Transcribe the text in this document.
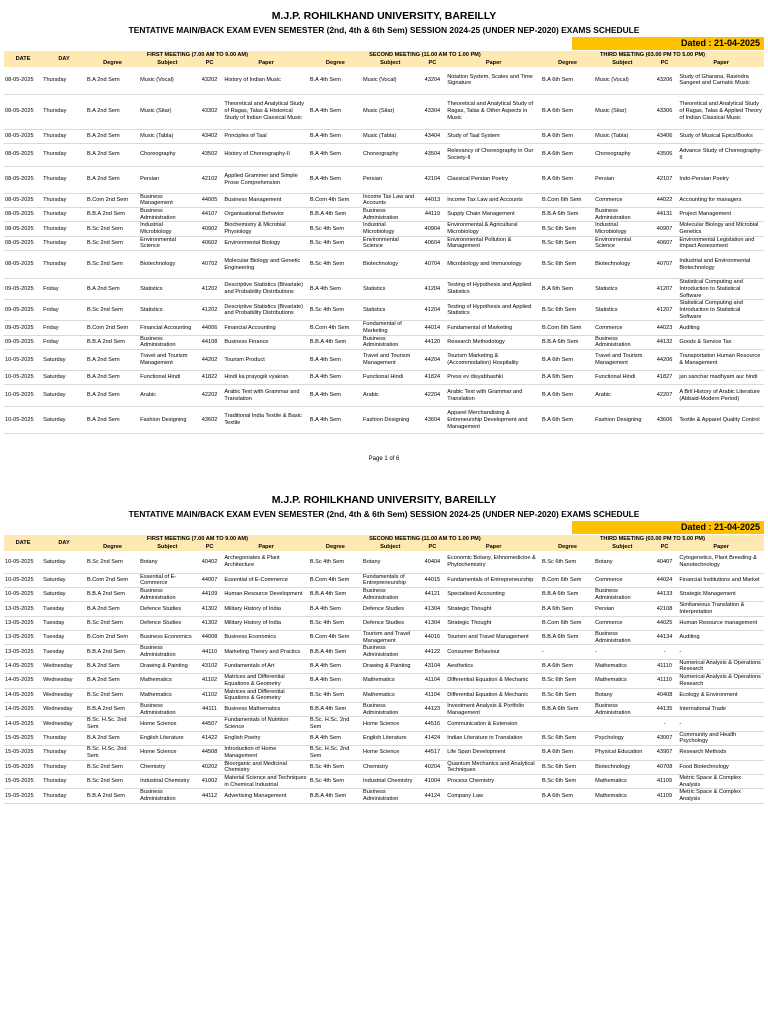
M.J.P. ROHILKHAND UNIVERSITY, BAREILLY
TENTATIVE MAIN/BACK EXAM EVEN SEMESTER (2nd, 4th & 6th Sem) SESSION 2024-25 (UNDER NEP-2020) EXAMS SCHEDULE
Dated : 21-04-2025
DATE	DAY	FIRST MEETING (7.00 AM TO 9.00 AM)				SECOND MEETING (11.00 AM TO 1.00 PM)				THIRD MEETING (03.00 PM TO 5.00 PM)			
		Degree	Subject	PC	Paper	Degree	Subject	PC	Paper	Degree	Subject	PC	Paper
08-05-2025	Thursday	B.A 2nd Sem	Music (Vocal)	43202	History of Indian Music	B.A 4th Sem	Music (Vocal)	43204	Notation System, Scales and Time Signature	B.A 6th Sem	Music (Vocal)	43206	Study of Gharana, Ravindra Sangeet and Carnatic Music
08-05-2025	Thursday	B.A 2nd Sem	Music (Sitar)	43302	Theoretical and Analytical Study of Ragas, Talas & Historical Study of Indian Classical Music	B.A 4th Sem	Music (Sitar)	43304	Theoretical and Analytical Study of Ragas, Talas & Other Aspects in Music	B.A 6th Sem	Music (Sitar)	43306	Theoretical and Analytical Study of Ragas, Talas & Applied Theory of Indian Classical Music
08-05-2025	Thursday	B.A 2nd Sem	Music (Tabla)	43402	Principles of Taal	B.A 4th Sem	Music (Tabla)	43404	Study of Taal System	B.A 6th Sem	Music (Tabla)	43406	Study of Musical Epics/Books
08-05-2025	Thursday	B.A 2nd Sem	Choreography	43502	History of Choreography-II	B.A 4th Sem	Choreography	43504	Relevancy of Choreography in Our Society-II	B.A 6th Sem	Choreography	43506	Advance Study of Choreography-II
08-05-2025	Thursday	B.A 2nd Sem	Persian	42102	Applied Grammer and Simple Prose Comprehension	B.A 4th Sem	Persian	42104	Classical Persian Poetry	B.A 6th Sem	Persian	42107	Indo-Persian Poetry
08-05-2025	Thursday	B.Com 2nd Sem	Business Management	44005	Business Management	B.Com 4th Sem	Income Tax Law and Accounts	44013	Income Tax Law and Accounts	B.Com 6th Sem	Commerce	44022	Accounting for managers
08-05-2025	Thursday	B.B.A 2nd Sem	Business Administration	44107	Organisational Behavior	B.B.A 4th Sem	Business Administration	44119	Supply Chain Management	B.B.A 6th Sem	Business Administration	44131	Project Management
08-05-2025	Thursday	B.Sc 2nd Sem	Industrial Microbiology	40902	Biochemistry & Microbial Physiology	B.Sc 4th Sem	Industrial Microbiology	40904	Environmental & Agricultural Microbiology	B.Sc 6th Sem	Industrial Microbiology	40907	Molecular Biology and Microbial Genetics
08-05-2025	Thursday	B.Sc 2nd Sem	Environmental Science	40602	Environmental Biology	B.Sc 4th Sem	Environmental Science	40604	Environmental Pollution & Management	B.Sc 6th Sem	Environmental Science	40607	Environmental Legislation and Impact Assessment
08-05-2025	Thursday	B.Sc 2nd Sem	Biotechnology	40702	Molecular Biology and Genetic Engineering	B.Sc 4th Sem	Biotechnology	40704	Microbiology and Immunology	B.Sc 6th Sem	Biotechnology	40707	Industrial and Environmental Biotechnology
09-05-2025	Friday	B.A 2nd Sem	Statistics	41202	Descriptive Statistics (Bivariate) and Probability Distributions	B.A 4th Sem	Statistics	41204	Testing of Hypothesis and Applied Statistics	B.A 6th Sem	Statistics	41207	Statistical Computing and Introduction to Statistical Software
09-05-2025	Friday	B.Sc 2nd Sem	Statistics	41202	Descriptive Statistics (Bivariate) and Probability Distributions	B.Sc 4th Sem	Statistics	41204	Testing of Hypothesis and Applied Statistics	B.Sc 6th Sem	Statistics	41207	Statistical Computing and Introduction to Statistical Software
09-05-2025	Friday	B.Com 2nd Sem	Financial Accounting	44006	Financial Accounting	B.Com 4th Sem	Fundamental of Marketing	44014	Fundamental of Marketing	B.Com 6th Sem	Commerce	44023	Auditing
09-05-2025	Friday	B.B.A 2nd Sem	Business Administration	44108	Business Finance	B.B.A 4th Sem	Business Administration	44120	Research Methodology	B.B.A 6th Sem	Business Administration	44132	Goods & Service Tax
10-05-2025	Saturday	B.A 2nd Sem	Travel and Tourism Management	44202	Tourism Product	B.A 4th Sem	Travel and Tourism Management	44204	Tourism Marketing & (Accommodation) Hospitality	B.A 6th Sem	Travel and Tourism Management	44206	Transportation Human Resource & Management
10-05-2025	Saturday	B.A 2nd Sem	Functional Hindi	41822	Hindi ka prayogik vyakran	B.A 4th Sem	Functional Hindi	41824	Press ev disyabhashki	B.A 6th Sem	Functional Hindi	41827	jan sanchar madhyam aur hindi
10-05-2025	Saturday	B.A 2nd Sem	Arabic	42202	Arabic Text with Grammar and Translation	B.A 4th Sem	Arabic	42204	Arabic Text with Grammar and Translation	B.A 6th Sem	Arabic	42207	A Bril History of Arabic Literature (Abbaid-Modern Period)
10-05-2025	Saturday	B.A 2nd Sem	Fashion Designing	43602	Traditional India Textile & Basic Textile	B.A 4th Sem	Fashion Designing	43604	Apparel Merchandising & Entreneurship Development and Management	B.A 6th Sem	Fashion Designing	43606	Textile & Apparel Quality Control
Page 1 of 6
M.J.P. ROHILKHAND UNIVERSITY, BAREILLY
TENTATIVE MAIN/BACK EXAM EVEN SEMESTER (2nd, 4th & 6th Sem) SESSION 2024-25 (UNDER NEP-2020) EXAMS SCHEDULE
Dated : 21-04-2025
DATE	DAY	FIRST MEETING (7.00 AM TO 9.00 AM)				SECOND MEETING (11.00 AM TO 1.00 PM)				THIRD MEETING (03.00 PM TO 5.00 PM)			
		Degree	Subject	PC	Paper	Degree	Subject	PC	Paper	Degree	Subject	PC	Paper
10-05-2025	Saturday	B.Sc 2nd Sem	Botany	40402	Archegoniates & Plant Architecture	B.Sc 4th Sem	Botany	40404	Economic Botany, Ethnomedicine & Phytochemistry	B.Sc 6th Sem	Botany	40407	Cytogenetics, Plant Breeding & Nanotechnology
10-05-2025	Saturday	B.Com 2nd Sem	Essential of E-Commerce	44007	Essential of E-Commerce	B.Com 4th Sem	Fundamentals of Entrepreneurship	44015	Fundamentals of Entrepreneurship	B.Com 6th Sem	Commerce	44024	Financial Institutions and Market
10-05-2025	Saturday	B.B.A 2nd Sem	Business Administration	44109	Human Resource Development	B.B.A 4th Sem	Business Administration	44121	Specialised Accounting	B.B.A 6th Sem	Business Administration	44133	Strategic Management
13-05-2025	Tuesday	B.A 2nd Sem	Defence Studies	41302	Military History of India	B.A 4th Sem	Defence Studies	41304	Strategic Thought	B.A 6th Sem	Persian	42108	Simltaneous Translation & Interpretation
13-05-2025	Tuesday	B.Sc 2nd Sem	Defence Studies	41302	Military History of India	B.Sc 4th Sem	Defence Studies	41304	Strategic Thought	B.Com 6th Sem	Commerce	44025	Human Resource management
13-05-2025	Tuesday	B.Com 2nd Sem	Business Economics	44008	Business Economics	B.Com 4th Sem	Tourism and Travel Management	44016	Tourism and Travel Management	B.B.A 6th Sem	Business Administration	44134	Auditing
13-05-2025	Tuesday	B.B.A 2nd Sem	Business Administration	44110	Marketing Theory and Practics	B.B.A 4th Sem	Business Administration	44122	Consumer Behaviour	-	-	-	-
14-05-2025	Wednesday	B.A 2nd Sem	Drawing & Painting	43102	Fundamentals of Art	B.A 4th Sem	Drawing & Painting	43104	Aesthetics	B.A 6th Sem	Mathematics	41110	Numerical Analysis & Operations Research
14-05-2025	Wednesday	B.A 2nd Sem	Mathematics	41102	Matrices and Differential Equations & Geometry	B.A 4th Sem	Mathematics	41104	Differential Equation & Mechanic	B.Sc 6th Sem	Mathematics	41110	Numerical Analysis & Operations Research
14-05-2025	Wednesday	B.Sc 2nd Sem	Mathematics	41102	Matrices and Differential Equations & Geometry	B.Sc 4th Sem	Mathematics	41104	Differential Equation & Mechanic	B.Sc 6th Sem	Botany	40408	Ecology & Environment
14-05-2025	Wednesday	B.B.A 2nd Sem	Business Administration	44111	Business Mathematics	B.B.A 4th Sem	Business Administration	44123	Investment Analysis & Portfolio Management	B.B.A 6th Sem	Business Administration	44135	International Trade
14-05-2025	Wednesday	B.Sc. H.Sc. 2nd Sem	Home Science	44507	Fundamentals of Nutrition Science	B.Sc. H.Sc. 2nd Sem	Home Science	44516	Communication & Extension			-	-
15-05-2025	Thursday	B.A 2nd Sem	English Literature	41422	English Poetry	B.A 4th Sem	English Literature	41424	Indian Literature in Translation	B.Sc 6th Sem	Psychology	43007	Community and Health Psychology
15-05-2025	Thursday	B.Sc. H.Sc. 2nd Sem	Home Science	44508	Introduction of Home Management	B.Sc. H.Sc. 2nd Sem	Home Science	44517	Life Span Development	B.A 6th Sem	Physical Education	43907	Research Methods
15-05-2025	Thursday	B.Sc 2nd Sem	Chemistry	40202	Bioorganic and Medicinal Chemistry	B.Sc 4th Sem	Chemistry	40204	Quantum Mechanics and Analytical Techniques	B.Sc 6th Sem	Biotechnology	40708	Food Biotechnology
15-05-2025	Thursday	B.Sc 2nd Sem	Industrial Chemistry	41002	Material Science and Techniques in Chemical Industrial	B.Sc 4th Sem	Industrial Chemistry	41004	Process Chemistry	B.Sc 6th Sem	Mathematics	41109	Metric Space & Complex Analysis
15-05-2025	Thursday	B.B.A 2nd Sem	Business Administration	44112	Advertising Management	B.B.A 4th Sem	Business Administration	44124	Company Law	B.A 6th Sem	Mathematics	41109	Metric Space & Complex Analysis
